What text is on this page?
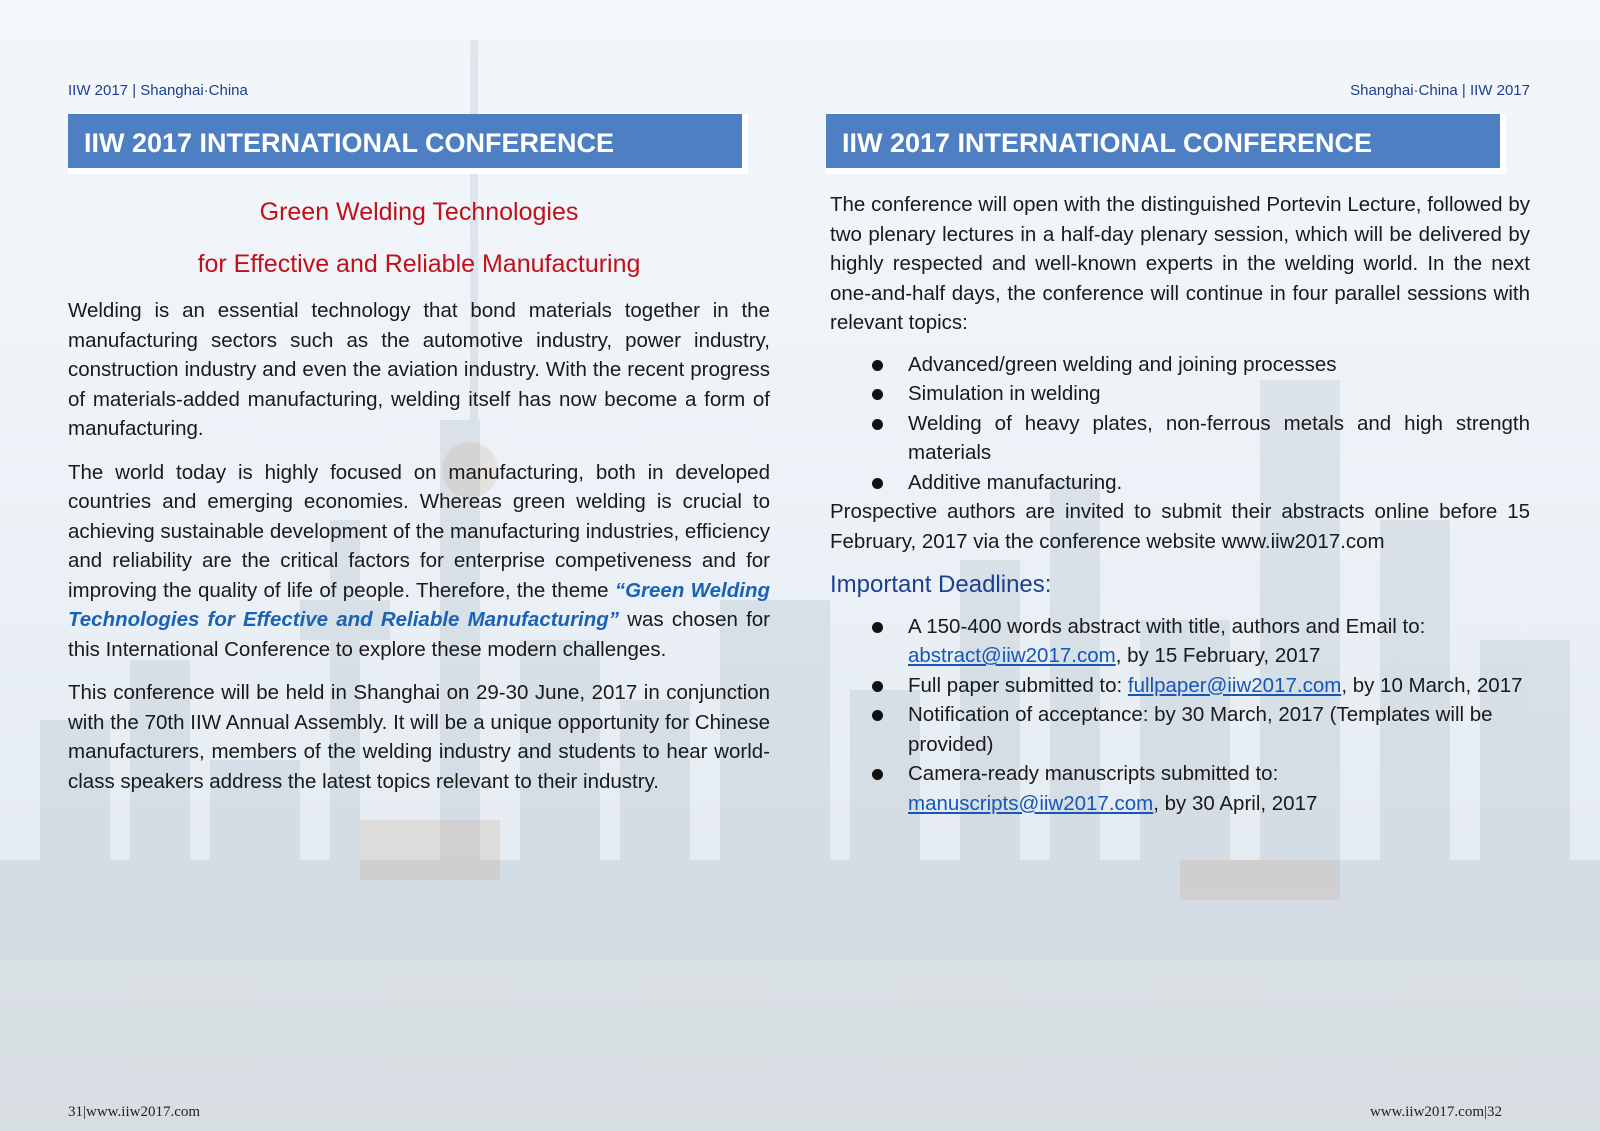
IIW 2017 | Shanghai·China
IIW 2017 INTERNATIONAL CONFERENCE
Green Welding Technologies
for Effective and Reliable Manufacturing

Welding is an essential technology that bond materials together in the manufacturing sectors such as the automotive industry, power industry, construction industry and even the aviation industry. With the recent progress of materials-added manufacturing, welding itself has now become a form of manufacturing.

The world today is highly focused on manufacturing, both in developed countries and emerging economies. Whereas green welding is crucial to achieving sustainable development of the manufacturing industries, efficiency and reliability are the critical factors for enterprise competiveness and for improving the quality of life of people. Therefore, the theme “Green Welding Technologies for Effective and Reliable Manufacturing” was chosen for this International Conference to explore these modern challenges.

This conference will be held in Shanghai on 29-30 June, 2017 in conjunction with the 70th IIW Annual Assembly. It will be a unique opportunity for Chinese manufacturers, members of the welding industry and students to hear world-class speakers address the latest topics relevant to their industry.

31|www.iiw2017.com
Shanghai·China | IIW 2017
IIW 2017 INTERNATIONAL CONFERENCE

The conference will open with the distinguished Portevin Lecture, followed by two plenary lectures in a half-day plenary session, which will be delivered by highly respected and well-known experts in the welding world. In the next one-and-half days, the conference will continue in four parallel sessions with relevant topics:

Advanced/green welding and joining processes
Simulation in welding
Welding of heavy plates, non-ferrous metals and high strength materials
Additive manufacturing.

Prospective authors are invited to submit their abstracts online before 15 February, 2017 via the conference website www.iiw2017.com

Important Deadlines:
A 150-400 words abstract with title, authors and Email to: abstract@iiw2017.com, by 15 February, 2017
Full paper submitted to: fullpaper@iiw2017.com, by 10 March, 2017
Notification of acceptance: by 30 March, 2017 (Templates will be provided)
Camera-ready manuscripts submitted to: manuscripts@iiw2017.com, by 30 April, 2017
www.iiw2017.com|32
